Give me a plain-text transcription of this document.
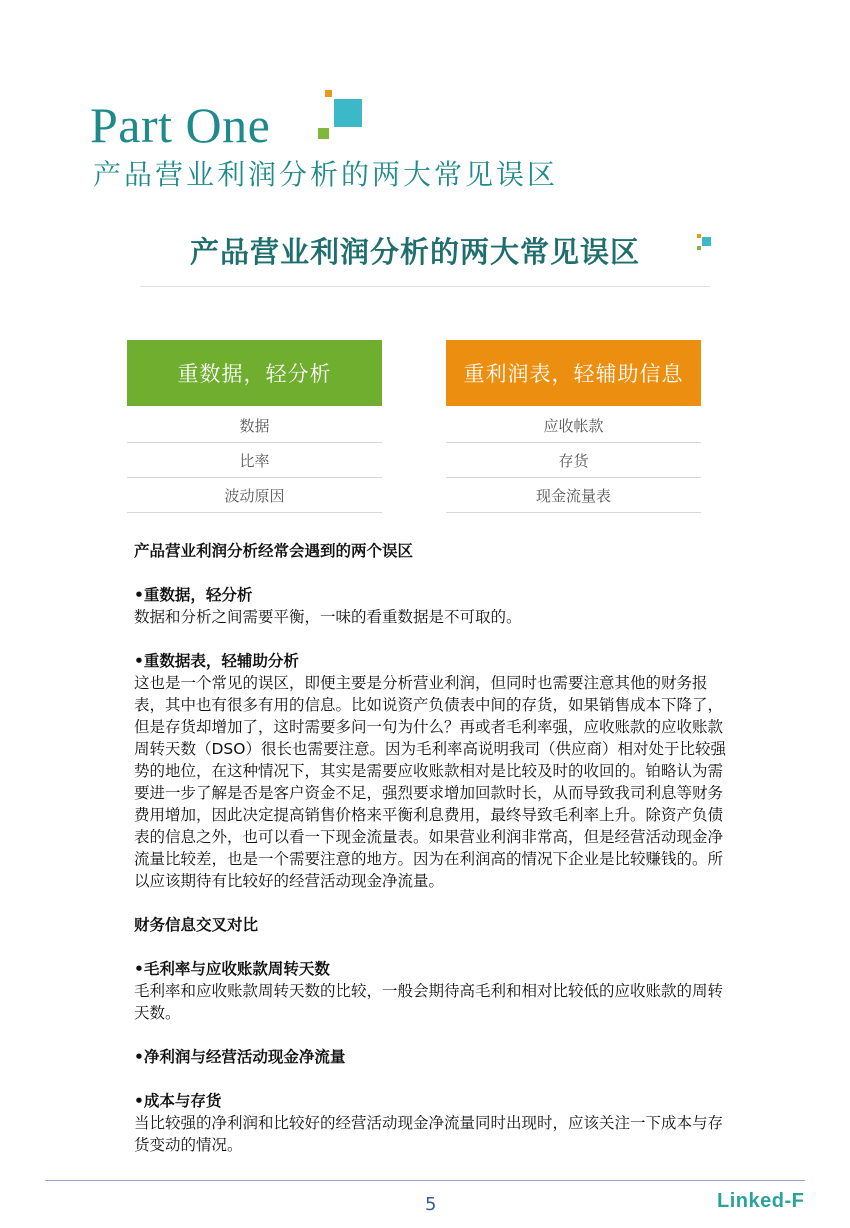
Part One
产品营业利润分析的两大常见误区
产品营业利润分析的两大常见误区
重数据，轻分析
数据
比率
波动原因
重利润表，轻辅助信息
应收帐款
存货
现金流量表

产品营业利润分析经常会遇到的两个误区

•重数据，轻分析

数据和分析之间需要平衡，一味的看重数据是不可取的。

•重数据表，轻辅助分析

这也是一个常见的误区，即便主要是分析营业利润，但同时也需要注意其他的财务报表，其中也有很多有用的信息。比如说资产负债表中间的存货，如果销售成本下降了，但是存货却增加了，这时需要多问一句为什么？再或者毛利率强，应收账款的应收账款周转天数（DSO）很长也需要注意。因为毛利率高说明我司（供应商）相对处于比较强势的地位，在这种情况下，其实是需要应收账款相对是比较及时的收回的。铂略认为需要进一步了解是否是客户资金不足，强烈要求增加回款时长，从而导致我司利息等财务费用增加，因此决定提高销售价格来平衡利息费用，最终导致毛利率上升。除资产负债表的信息之外，也可以看一下现金流量表。如果营业利润非常高，但是经营活动现金净流量比较差，也是一个需要注意的地方。因为在利润高的情况下企业是比较赚钱的。所以应该期待有比较好的经营活动现金净流量。

财务信息交叉对比

•毛利率与应收账款周转天数

毛利率和应收账款周转天数的比较，一般会期待高毛利和相对比较低的应收账款的周转天数。

•净利润与经营活动现金净流量

•成本与存货

当比较强的净利润和比较好的经营活动现金净流量同时出现时，应该关注一下成本与存货变动的情况。

5	Linked-F
